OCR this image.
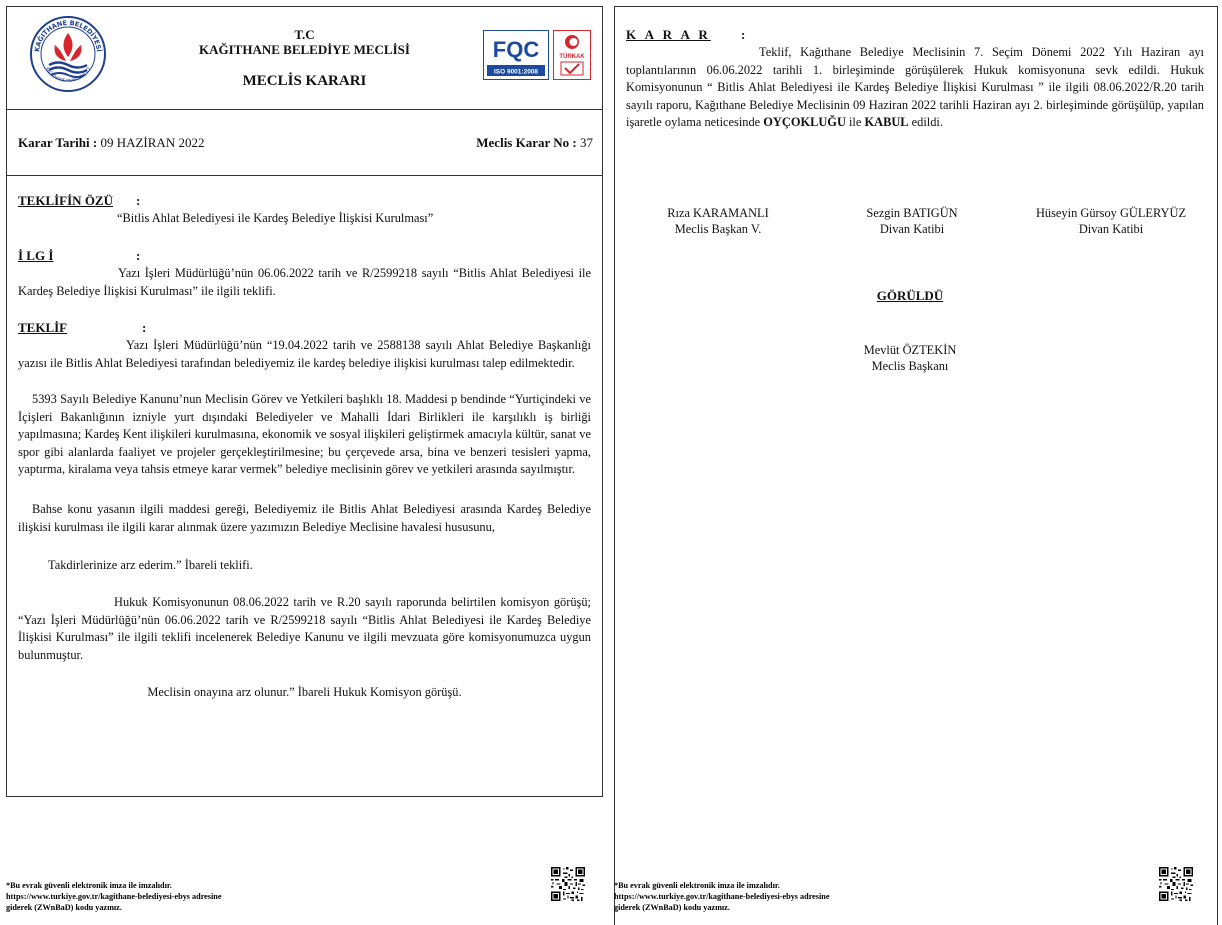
KAĞITHANE BELEDİYESİ
KAĞITHANE MUNICIPALITY
T.C
KAĞITHANE BELEDİYE MECLİSİ
MECLİS KARARI
FQC
ISO 9001:2008
TÜRKAK
Karar Tarihi : 09 HAZİRAN 2022	Meclis Karar No : 37
TEKLİFİN ÖZÜ :
“Bitlis Ahlat Belediyesi ile Kardeş Belediye İlişkisi Kurulması”
İ LG İ	:
Yazı İşleri Müdürlüğü’nün 06.06.2022 tarih ve R/2599218 sayılı “Bitlis Ahlat Belediyesi ile Kardeş Belediye İlişkisi Kurulması” ile ilgili teklifi.
TEKLİF	:
Yazı İşleri Müdürlüğü’nün “19.04.2022 tarih ve 2588138 sayılı Ahlat Belediye Başkanlığı yazısı ile Bitlis Ahlat Belediyesi tarafından belediyemiz ile kardeş belediye ilişkisi kurulması talep edilmektedir.
5393 Sayılı Belediye Kanunu’nun Meclisin Görev ve Yetkileri başlıklı 18. Maddesi p bendinde “Yurtiçindeki ve İçişleri Bakanlığının izniyle yurt dışındaki Belediyeler ve Mahalli İdari Birlikleri ile karşılıklı iş birliği yapılmasına; Kardeş Kent ilişkileri kurulmasına, ekonomik ve sosyal ilişkileri geliştirmek amacıyla kültür, sanat ve spor gibi alanlarda faaliyet ve projeler gerçekleştirilmesine; bu çerçevede arsa, bina ve benzeri tesisleri yapma, yaptırma, kiralama veya tahsis etmeye karar vermek” belediye meclisinin görev ve yetkileri arasında sayılmıştır.
Bahse konu yasanın ilgili maddesi gereği, Belediyemiz ile Bitlis Ahlat Belediyesi arasında Kardeş Belediye ilişkisi kurulması ile ilgili karar alınmak üzere yazımızın Belediye Meclisine havalesi hususunu,
Takdirlerinize arz ederim.” İbareli teklifi.
Hukuk Komisyonunun 08.06.2022 tarih ve R.20 sayılı raporunda belirtilen komisyon görüşü; “Yazı İşleri Müdürlüğü’nün 06.06.2022 tarih ve R/2599218 sayılı “Bitlis Ahlat Belediyesi ile Kardeş Belediye İlişkisi Kurulması” ile ilgili teklifi incelenerek Belediye Kanunu ve ilgili mevzuata göre komisyonumuzca uygun bulunmuştur.
Meclisin onayına arz olunur.” İbareli Hukuk Komisyon görüşü.
*Bu evrak güvenli elektronik imza ile imzalıdır.
https://www.turkiye.gov.tr/kagithane-belediyesi-ebys adresine
giderek (ZWnBaD) kodu yazınız.
K A R A R :
Teklif, Kağıthane Belediye Meclisinin 7. Seçim Dönemi 2022 Yılı Haziran ayı toplantılarının 06.06.2022 tarihli 1. birleşiminde görüşülerek Hukuk komisyonuna sevk edildi. Hukuk Komisyonunun “ Bitlis Ahlat Belediyesi ile Kardeş Belediye İlişkisi Kurulması ” ile ilgili 08.06.2022/R.20 tarih sayılı raporu, Kağıthane Belediye Meclisinin 09 Haziran 2022 tarihli Haziran ayı 2. birleşiminde görüşülüp, yapılan işaretle oylama neticesinde OYÇOKLUĞU ile KABUL edildi.
Rıza KARAMANLI
Meclis Başkan V.
Sezgin BATIGÜN
Divan Katibi
Hüseyin Gürsoy GÜLERYÜZ
Divan Katibi
GÖRÜLDÜ
Mevlüt ÖZTEKİN
Meclis Başkanı
*Bu evrak güvenli elektronik imza ile imzalıdır.
https://www.turkiye.gov.tr/kagithane-belediyesi-ebys adresine
giderek (ZWnBaD) kodu yazınız.
